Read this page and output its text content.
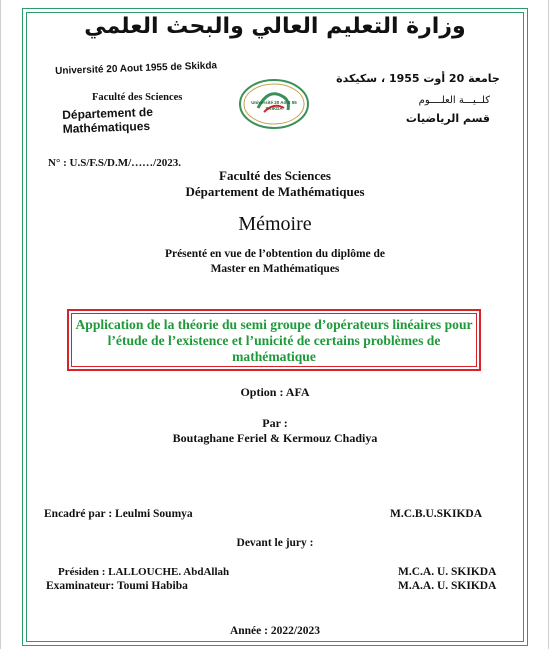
وزارة التعليم العالي والبحث العلمي
Université 20 Aout 1955 de Skikda
Faculté des Sciences
Département de Mathématiques
Université 20 Août 55
SKIKDA
جامعة 20 أوت 1955 ، سكيكدة
كلــيـــة العلــــوم
قسم الرياضيات
N° : U.S/F.S/D.M/……/2023.
Faculté des Sciences
Département de Mathématiques
Mémoire
Présenté en vue de l’obtention du diplôme de
Master en Mathématiques
Application de la théorie du semi groupe d’opérateurs linéaires pour l’étude de l’existence et l’unicité de certains problèmes de mathématique
Option : AFA
Par :
Boutaghane Feriel & Kermouz Chadiya
Encadré par : Leulmi Soumya	M.C.B.U.SKIKDA
Devant le jury :
Présiden : LALLOUCHE. AbdAllah	M.C.A. U. SKIKDA
Examinateur: Toumi Habiba	M.A.A. U. SKIKDA
Année : 2022/2023
